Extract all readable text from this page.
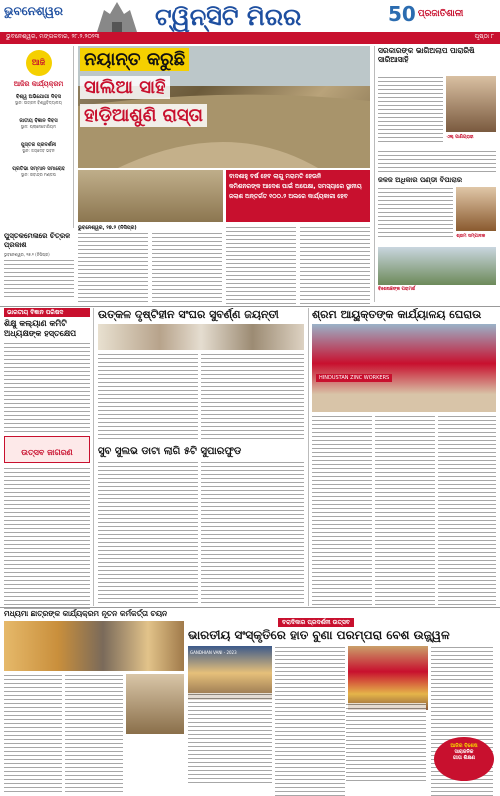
ଭୁବନେଶ୍ୱର	ଟ୍ୱିନ୍‌ସିଟି ମିରର	50 ପ୍ରଜାତିଶାଳୀ
ଭୁବନେଶ୍ୱର, ମଙ୍ଗଳବାର, ୨୮.୨.୨୦୨୩	ପୃଷ୍ଠା ୮
ଆଜି
ଆଜିର କାର୍ଯ୍ୟକ୍ରମ
ବିଶ୍ୱ ଅଭିଯୋଗୀ ଦିବସ
ସ୍ଥାନ: ଉତ୍କଳ ବିଶ୍ୱବିଦ୍ୟାଳୟ
ଜାତୀୟ ବିଜ୍ଞାନ ଦିବସ
ସ୍ଥାନ: ପ୍ଲାନେଟୋରିୟମ
ପୁସ୍ତକ ପ୍ରଦର୍ଶନୀ
ସ୍ଥାନ: ଜୟଦେବ ଭବନ
ପ୍ରତିଭା ସମ୍ମାନ ସମାରୋହ
ସ୍ଥାନ: ରବୀନ୍ଦ୍ର ମଣ୍ଡପ
ପୁସ୍ତକମେଳାରେ ଚିତ୍ରଳ ପ୍ରକାଶ
ଭୁବନେଶ୍ୱର, ୨୭.୨ (ନିସିପ୍ର)
ନୟାନ୍ତ କରୁଛି
ସାଲିଆ ସାହି
ହାଡ଼ିଆଶୁଣି ରାସ୍ତା
ବାଦଶାହୁ ବର୍ଷ ହେବ ଲାଗୁ ମରାମତି ହେଉନି
କମିଶନରଙ୍କ ଆଦେଶ ପାଇଁ ଅପେକ୍ଷା, ସମସ୍ୟାରେ ସ୍ଥାନୀୟ
ଜଲାଶ ଅନ୍ତର୍ଗତ ୧୦୦.୨ ଅଲରେ କାର୍ଯ୍ୟକାରୀ ହେବ
ଭୁବନେଶ୍ୱର, ୨୭.୨ (ନିସିପ୍ର)
ସରକାରଙ୍କ ଭାଗିଅଲାପ ପାରାରିଷି ସାରିଆସାହି
ଏଲ୍ ପାଣିଗ୍ରାହୀ
ଜଳଜ ଅଧିକାର ପଣ୍ଡୀ ବିପାରାର
ଶ୍ରମ ସମ୍ପାଦକ
ବିଶେଷଜ୍ଞଙ୍କ ପରାମର୍ଶ
ଭାରତୀୟ ବିଜ୍ଞାନ ପରିଷଦ
ଶିକ୍ଷୁ କଲ୍ୟାଣ କମିଟି ଅଧ୍ୟକ୍ଷଙ୍କ ହସ୍ତକ୍ଷେପ
ଉତ୍ସବ ଜାଗରଣ
ଉତ୍କଳ ଦୃଷ୍ଟିହୀନ ସଂଘର ସୁବର୍ଣ୍ଣ ଜୟନ୍ତୀ
ସୁବ ସୁଲଭ ଡାଟା ଲାଗି ୫ଟି ସୁପାରଫୁଡ
ଶ୍ରମ ଆୟୁକ୍ତଙ୍କ କାର୍ଯ୍ୟାଳୟ ଘେରାଉ
HINDUSTAN ZINC WORKERS
ମଧ୍ୟମା ଛାତ୍ରଙ୍କ କାର୍ଯ୍ୟକ୍ରମ ନୂତନ କର୍ମକର୍ତ୍ତା ଚୟନ
ବରାଦିକାର ପ୍ରଦର୍ଶନୀ ଉତ୍ସବ
ଭାରତୀୟ ସଂସ୍କୃତିରେ ହାତ ବୁଣା ପରମ୍ପରା ବେଶ ଉଜ୍ଜ୍ୱଳ
GANDHIAN VANI - 2023
ଆଜିର ବିଶେଷ
ସାରାଜନିକ
ଗୀତା ଶିକ୍ଷଣ
